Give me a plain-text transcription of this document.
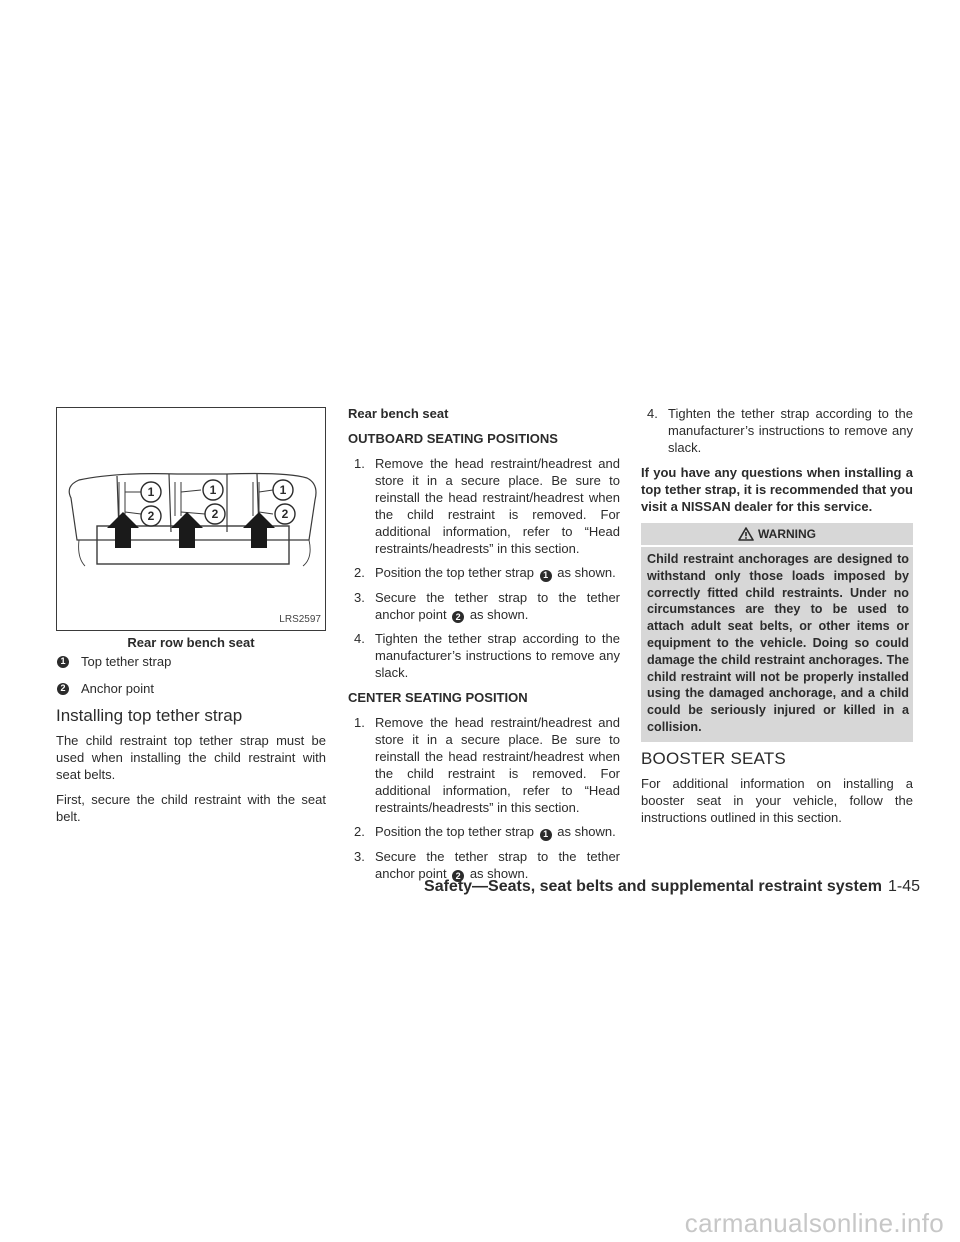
1
2
1
2
1
2
LRS2597
Rear row bench seat
1 Top tether strap
2 Anchor point
Installing top tether strap

The child restraint top tether strap must be used when installing the child restraint with seat belts.

First, secure the child restraint with the seat belt.

Rear bench seat

OUTBOARD SEATING POSITIONS

1. Remove the head restraint/headrest and store it in a secure place. Be sure to reinstall the head restraint/headrest when the child restraint is removed. For additional information, refer to “Head restraints/headrests” in this section.
2. Position the top tether strap 1 as shown.
3. Secure the tether strap to the tether anchor point 2 as shown.
4. Tighten the tether strap according to the manufacturer’s instructions to remove any slack.

CENTER SEATING POSITION

1. Remove the head restraint/headrest and store it in a secure place. Be sure to reinstall the head restraint/headrest when the child restraint is removed. For additional information, refer to “Head restraints/headrests” in this section.
2. Position the top tether strap 1 as shown.
3. Secure the tether strap to the tether anchor point 2 as shown.
4. Tighten the tether strap according to the manufacturer’s instructions to remove any slack.

If you have any questions when installing a top tether strap, it is recommended that you visit a NISSAN dealer for this service.

WARNING
Child restraint anchorages are designed to withstand only those loads imposed by correctly fitted child restraints. Under no circumstances are they to be used to attach adult seat belts, or other items or equipment to the vehicle. Doing so could damage the child restraint anchorages. The child restraint will not be properly installed using the damaged anchorage, and a child could be seriously injured or killed in a collision.
BOOSTER SEATS

For additional information on installing a booster seat in your vehicle, follow the instructions outlined in this section.

Safety—Seats, seat belts and supplemental restraint system 1-45
carmanualsonline.info
